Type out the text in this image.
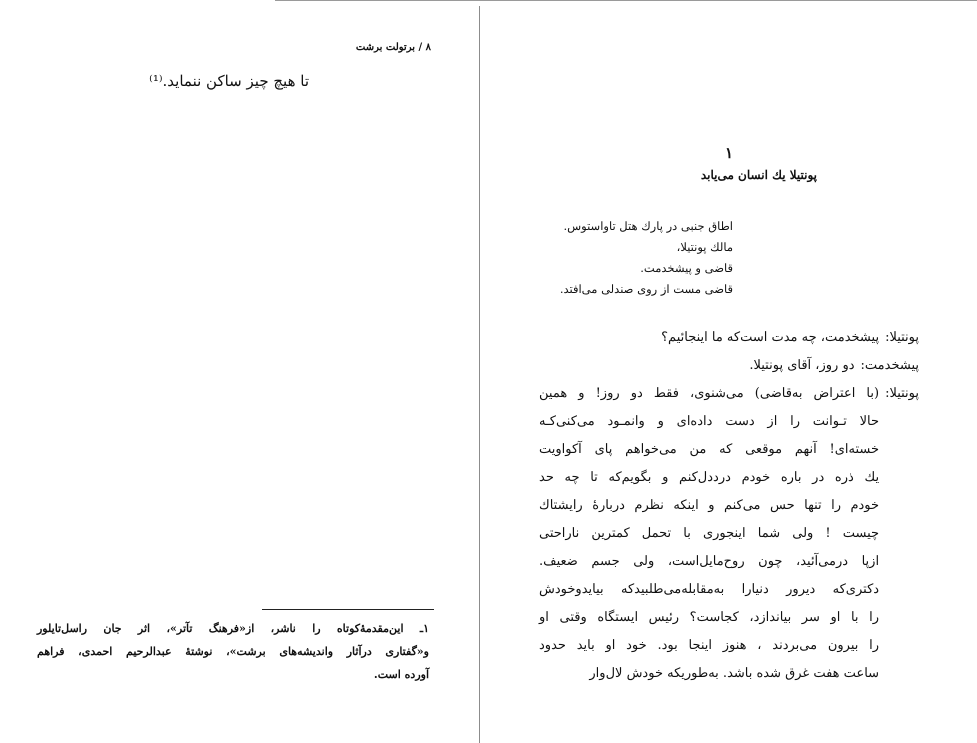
۸ / برتولت برشت
تا هیچ چیز ساکن ننماید.⁽¹⁾
۱ـ این‌مقدمهٔ‌کوتاه را ناشر، از«فرهنگ تآتر»، اثر جان راسل‌تایلور
و«گفتاری درآثار واندیشه‌های برشت»، نوشتهٔ عبدالرحیم احمدی، فراهم
آورده است.
۱
پونتیلا یك انسان می‌یابد
اطاق جنبی در پارك هتل تاواستوس.
مالك پونتیلا،
قاضی و پیشخدمت.
قاضی مست از روی صندلی می‌افتد.
پونتیلا:
پیشخدمت، چه مدت است‌که ما اینجائیم؟
پیشخدمت:
دو روز، آقای پونتیلا.
پونتیلا:
(با اعتراض به‌قاضی) می‌شنوی، فقط دو روز! و همین
حالا تـوانت را از دست داده‌ای و وانمـود می‌کنی‌کـه
خسته‌ای! آنهم موقعی که من می‌خواهم پای آکواویت
یك ذره در باره خودم درددل‌کنم و بگویم‌که تا چه حد
خودم را تنها حس می‌کنم و اینکه نظرم دربارهٔ رایشتاك
چیست ! ولی شما اینجوری با تحمل کمترین ناراحتی
ازپا درمی‌آئید، چون روح‌مایل‌است، ولی جسم ضعیف.
دکتری‌که دیرور دنیارا به‌مقابله‌می‌طلبید‌که بیاید‌وخودش
را با او سر بیاندازد، کجاست؟ رئیس ایستگاه وقتی او
را بیرون می‌بردند ، هنوز اینجا بود. خود او باید حدود
ساعت هفت غرق شده باشد. به‌طوریکه خودش لال‌وار
